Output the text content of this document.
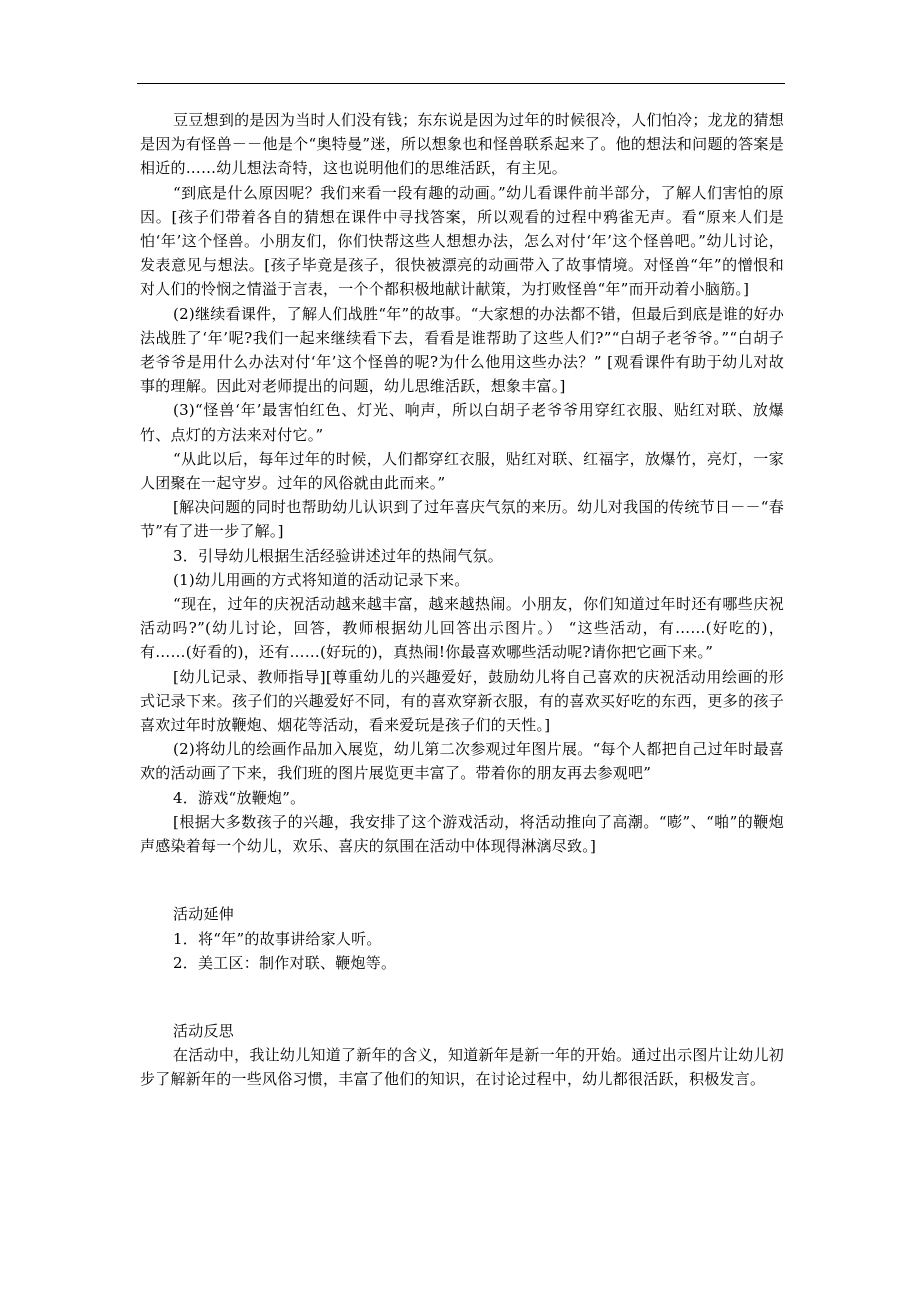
豆豆想到的是因为当时人们没有钱；东东说是因为过年的时候很冷，人们怕冷；龙龙的猜想是因为有怪兽－－他是个“奥特曼”迷，所以想象也和怪兽联系起来了。他的想法和问题的答案是相近的……幼儿想法奇特，这也说明他们的思维活跃，有主见。

“到底是什么原因呢？我们来看一段有趣的动画。”幼儿看课件前半部分，了解人们害怕的原因。[孩子们带着各自的猜想在课件中寻找答案，所以观看的过程中鸦雀无声。看“原来人们是怕‘年’这个怪兽。小朋友们，你们快帮这些人想想办法，怎么对付‘年’这个怪兽吧。”幼儿讨论，发表意见与想法。[孩子毕竟是孩子，很快被漂亮的动画带入了故事情境。对怪兽“年”的憎恨和对人们的怜悯之情溢于言表，一个个都积极地献计献策，为打败怪兽“年”而开动着小脑筋。]

(2)继续看课件，了解人们战胜“年”的故事。“大家想的办法都不错，但最后到底是谁的好办法战胜了‘年’呢?我们一起来继续看下去，看看是谁帮助了这些人们?”“白胡子老爷爷。”“白胡子老爷爷是用什么办法对付‘年’这个怪兽的呢?为什么他用这些办法？” [观看课件有助于幼儿对故事的理解。因此对老师提出的问题，幼儿思维活跃，想象丰富。]

(3)“怪兽‘年’最害怕红色、灯光、响声，所以白胡子老爷爷用穿红衣服、贴红对联、放爆竹、点灯的方法来对付它。”

“从此以后，每年过年的时候，人们都穿红衣服，贴红对联、红福字，放爆竹，亮灯，一家人团聚在一起守岁。过年的风俗就由此而来。”

[解决问题的同时也帮助幼儿认识到了过年喜庆气氛的来历。幼儿对我国的传统节日－－“春节”有了进一步了解。]

3．引导幼儿根据生活经验讲述过年的热闹气氛。

(1)幼儿用画的方式将知道的活动记录下来。

“现在，过年的庆祝活动越来越丰富，越来越热闹。小朋友，你们知道过年时还有哪些庆祝活动吗?”(幼儿讨论，回答，教师根据幼儿回答出示图片。） “这些活动，有……(好吃的)，有……(好看的)，还有……(好玩的)，真热闹!你最喜欢哪些活动呢?请你把它画下来。”

[幼儿记录、教师指导][尊重幼儿的兴趣爱好，鼓励幼儿将自己喜欢的庆祝活动用绘画的形式记录下来。孩子们的兴趣爱好不同，有的喜欢穿新衣服，有的喜欢买好吃的东西，更多的孩子喜欢过年时放鞭炮、烟花等活动，看来爱玩是孩子们的天性。]

(2)将幼儿的绘画作品加入展览，幼儿第二次参观过年图片展。“每个人都把自己过年时最喜欢的活动画了下来，我们班的图片展览更丰富了。带着你的朋友再去参观吧”

4．游戏“放鞭炮”。

[根据大多数孩子的兴趣，我安排了这个游戏活动，将活动推向了高潮。“嘭”、“啪”的鞭炮声感染着每一个幼儿，欢乐、喜庆的氛围在活动中体现得淋漓尽致。]

活动延伸

1．将“年”的故事讲给家人听。

2．美工区：制作对联、鞭炮等。

活动反思

在活动中，我让幼儿知道了新年的含义，知道新年是新一年的开始。通过出示图片让幼儿初步了解新年的一些风俗习惯，丰富了他们的知识，在讨论过程中，幼儿都很活跃，积极发言。
